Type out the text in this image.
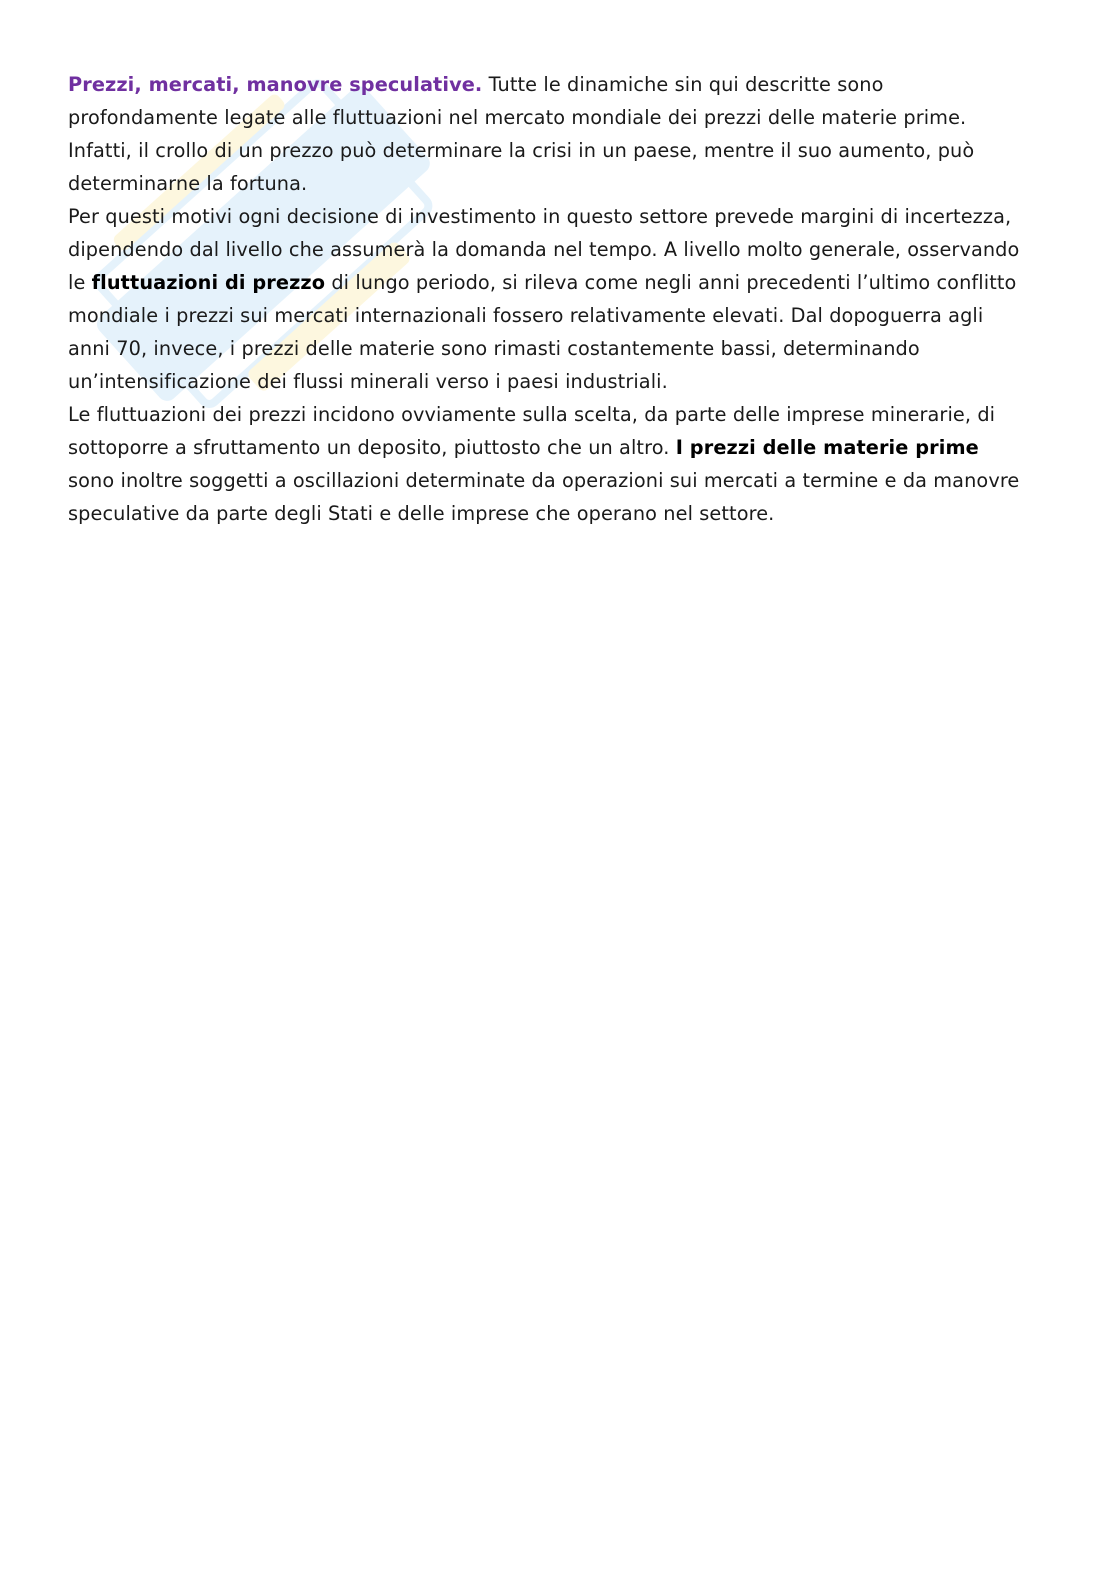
Prezzi, mercati, manovre speculative. Tutte le dinamiche sin qui descritte sono profondamente legate alle fluttuazioni nel mercato mondiale dei prezzi delle materie prime. Infatti, il crollo di un prezzo può determinare la crisi in un paese, mentre il suo aumento, può determinarne la fortuna.

Per questi motivi ogni decisione di investimento in questo settore prevede margini di incertezza, dipendendo dal livello che assumerà la domanda nel tempo. A livello molto generale, osservando le fluttuazioni di prezzo di lungo periodo, si rileva come negli anni precedenti l’ultimo conflitto mondiale i prezzi sui mercati internazionali fossero relativamente elevati. Dal dopoguerra agli anni 70, invece, i prezzi delle materie sono rimasti costantemente bassi, determinando un’intensificazione dei flussi minerali verso i paesi industriali.

Le fluttuazioni dei prezzi incidono ovviamente sulla scelta, da parte delle imprese minerarie, di sottoporre a sfruttamento un deposito, piuttosto che un altro. I prezzi delle materie prime sono inoltre soggetti a oscillazioni determinate da operazioni sui mercati a termine e da manovre speculative da parte degli Stati e delle imprese che operano nel settore.
